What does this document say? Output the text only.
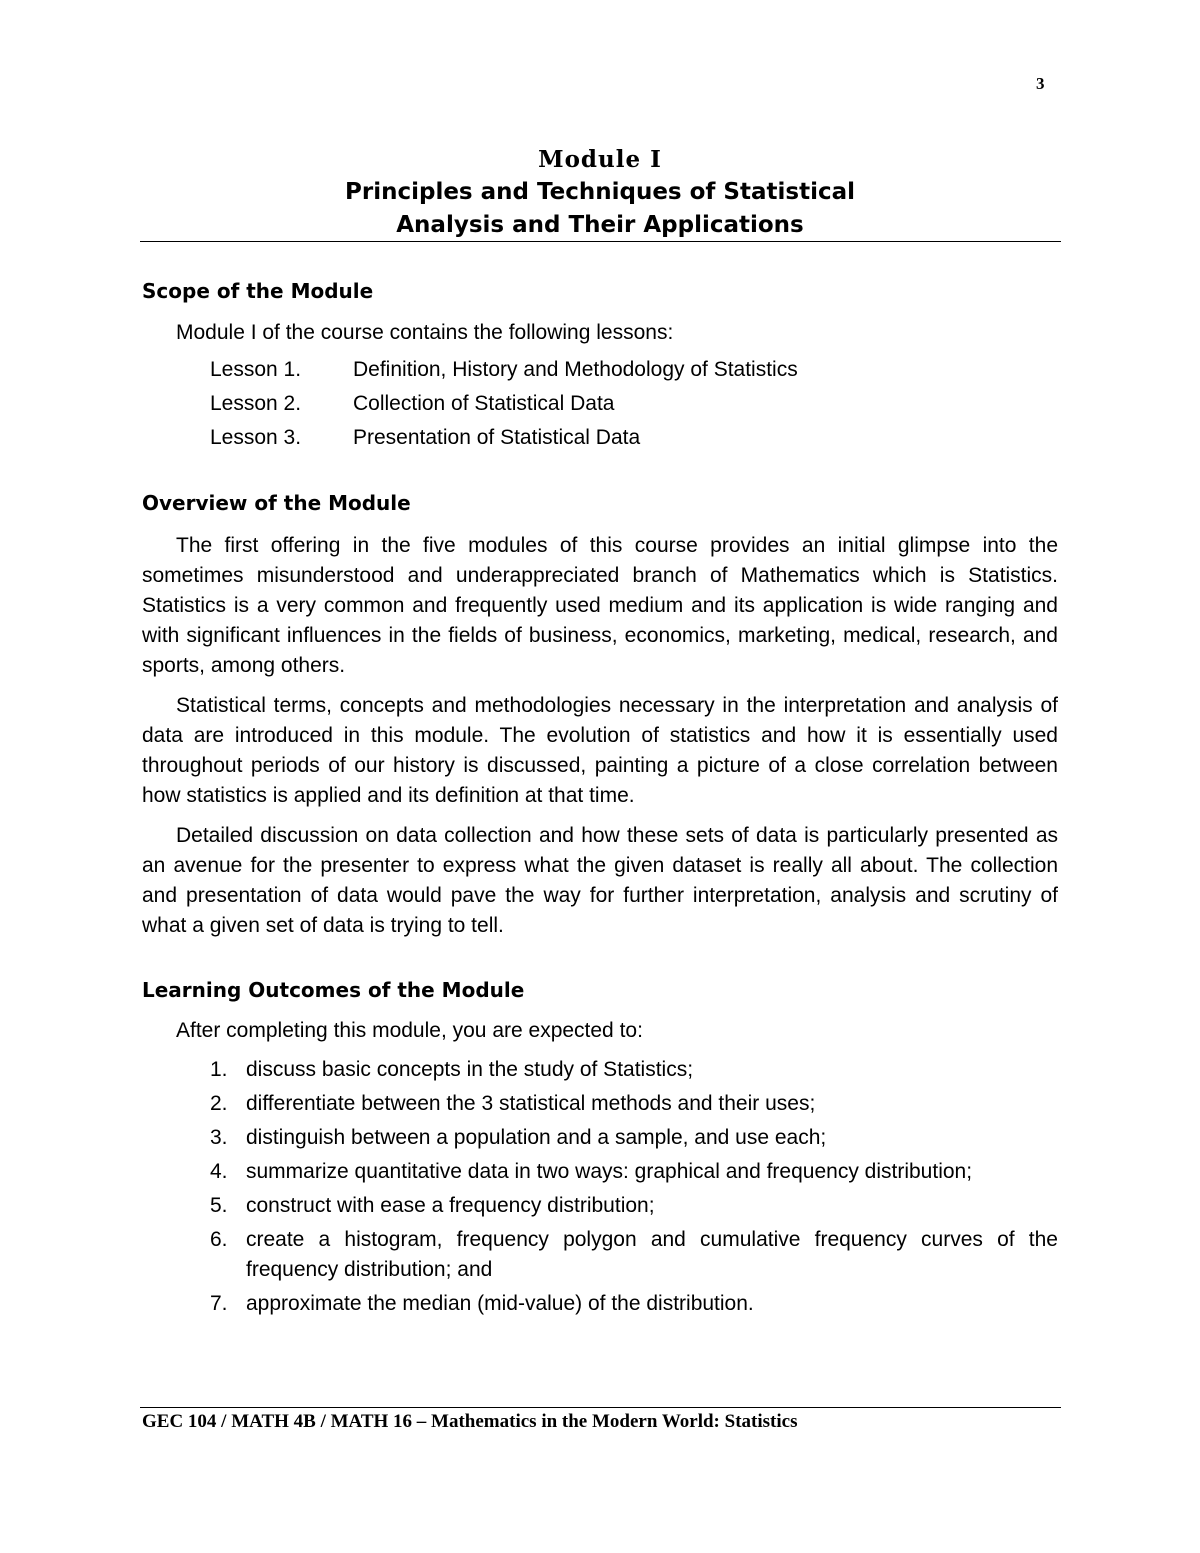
3
Module I
Principles and Techniques of Statistical
Analysis and Their Applications
Scope of the Module
Module I of the course contains the following lessons:
Lesson 1.	Definition, History and Methodology of Statistics
Lesson 2.	Collection of Statistical Data
Lesson 3.	Presentation of Statistical Data
Overview of the Module

The first offering in the five modules of this course provides an initial glimpse into the sometimes misunderstood and underappreciated branch of Mathematics which is Statistics. Statistics is a very common and frequently used medium and its application is wide ranging and with significant influences in the fields of business, economics, marketing, medical, research, and sports, among others.

Statistical terms, concepts and methodologies necessary in the interpretation and analysis of data are introduced in this module. The evolution of statistics and how it is essentially used throughout periods of our history is discussed, painting a picture of a close correlation between how statistics is applied and its definition at that time.

Detailed discussion on data collection and how these sets of data is particularly presented as an avenue for the presenter to express what the given dataset is really all about. The collection and presentation of data would pave the way for further interpretation, analysis and scrutiny of what a given set of data is trying to tell.

Learning Outcomes of the Module
After completing this module, you are expected to:
1. discuss basic concepts in the study of Statistics;
2. differentiate between the 3 statistical methods and their uses;
3. distinguish between a population and a sample, and use each;
4. summarize quantitative data in two ways: graphical and frequency distribution;
5. construct with ease a frequency distribution;
6. create a histogram, frequency polygon and cumulative frequency curves of the frequency distribution; and
7. approximate the median (mid-value) of the distribution.
GEC 104 / MATH 4B / MATH 16 – Mathematics in the Modern World: Statistics
